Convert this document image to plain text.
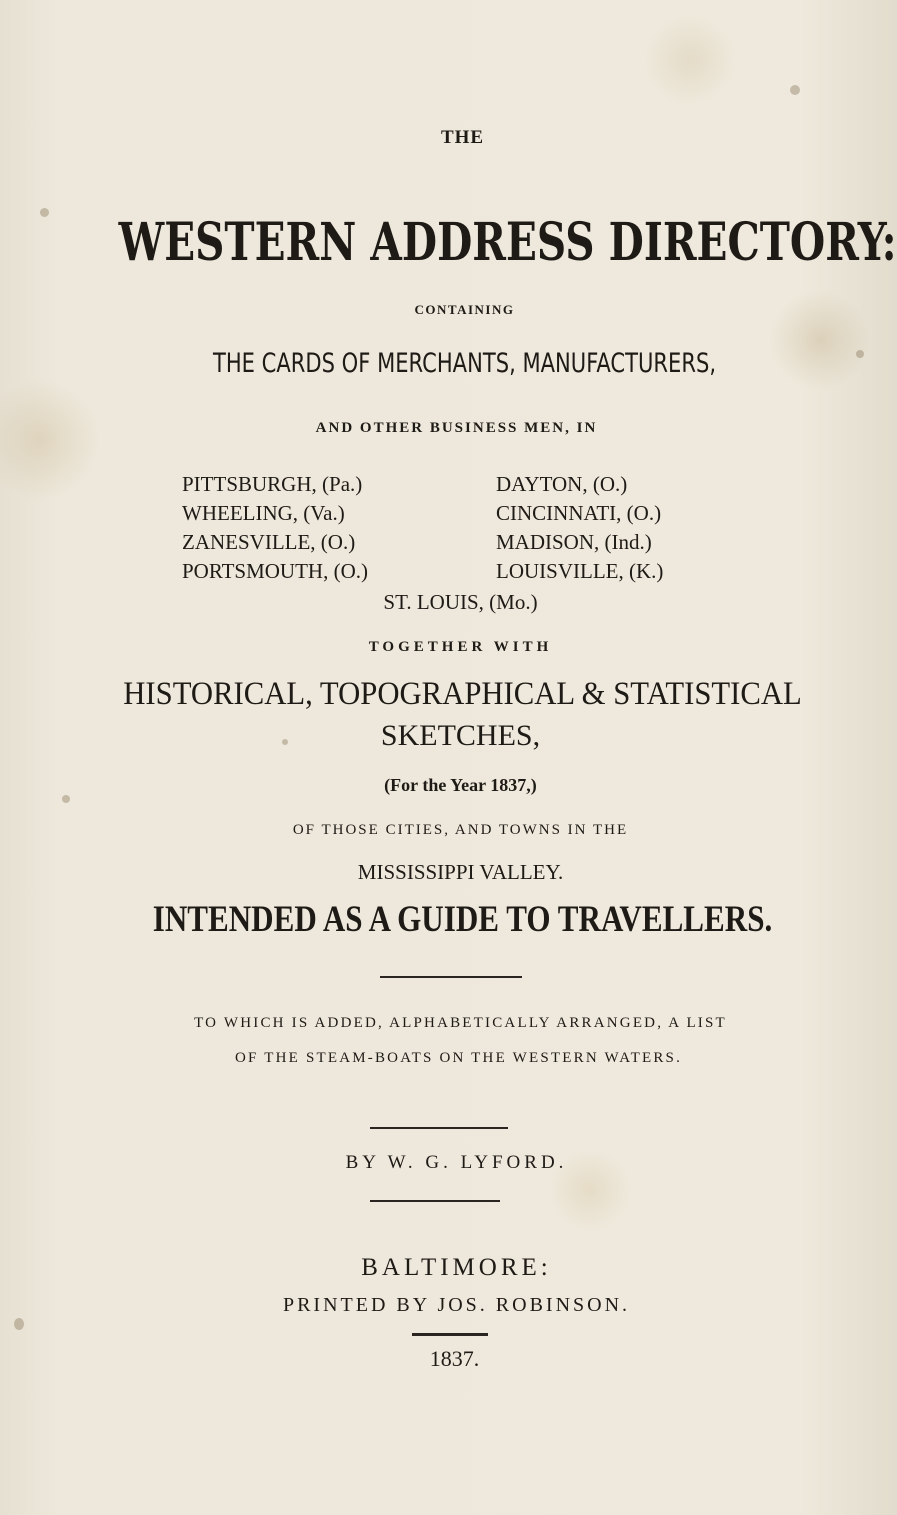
THE
WESTERN ADDRESS DIRECTORY:
CONTAINING
THE CARDS OF MERCHANTS, MANUFACTURERS,
AND OTHER BUSINESS MEN, IN
PITTSBURGH, (Pa.)
WHEELING, (Va.)
ZANESVILLE, (O.)
PORTSMOUTH, (O.)
DAYTON, (O.)
CINCINNATI, (O.)
MADISON, (Ind.)
LOUISVILLE, (K.)
ST. LOUIS, (Mo.)
TOGETHER WITH
HISTORICAL, TOPOGRAPHICAL & STATISTICAL
SKETCHES,
(For the Year 1837,)
OF THOSE CITIES, AND TOWNS IN THE
MISSISSIPPI VALLEY.
INTENDED AS A GUIDE TO TRAVELLERS.
TO WHICH IS ADDED, ALPHABETICALLY ARRANGED, A LIST
OF THE STEAM-BOATS ON THE WESTERN WATERS.
BY W. G. LYFORD.
BALTIMORE:
PRINTED BY JOS. ROBINSON.
1837.
